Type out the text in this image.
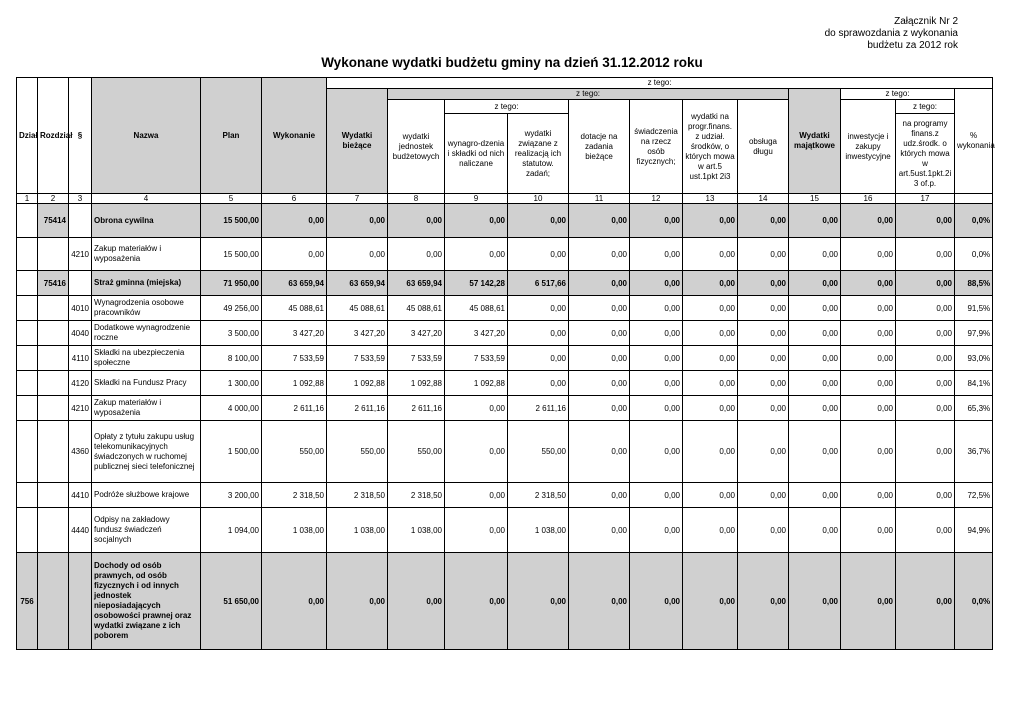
Załącznik Nr 2
do sprawozdania z wykonania
budżetu za 2012 rok
Wykonane wydatki budżetu gminy na dzień 31.12.2012 roku
Dział	Rozdział	§	Nazwa	Plan	Wykonanie	z tego:											
						Wydatki bieżące	z tego:							Wydatki majątkowe	z tego:		% wykonania
							wydatki jednostek budżetowych	z tego:		dotacje na zadania bieżące	świadczenia na rzecz osób fizycznych;	wydatki na progr.finans. z udział. środków, o których mowa w art.5 ust.1pkt 2i3	obsługa długu		inwestycje i zakupy inwestycyjne	z tego:	
								wynagro-dzenia i składki od nich naliczane	wydatki związane z realizacją ich statutow. zadań;							na programy finans.z udz.środk. o których mowa w art.5ust.1pkt.2i 3 of.p.	
1	2	3	4	5	6	7	8	9	10	11	12	13	14	15	16	17	
	75414		Obrona cywilna	15 500,00	0,00	0,00	0,00	0,00	0,00	0,00	0,00	0,00	0,00	0,00	0,00	0,00	0,0%
		4210	Zakup materiałów i wyposażenia	15 500,00	0,00	0,00	0,00	0,00	0,00	0,00	0,00	0,00	0,00	0,00	0,00	0,00	0,0%
	75416		Straż gminna (miejska)	71 950,00	63 659,94	63 659,94	63 659,94	57 142,28	6 517,66	0,00	0,00	0,00	0,00	0,00	0,00	0,00	88,5%
		4010	Wynagrodzenia osobowe pracowników	49 256,00	45 088,61	45 088,61	45 088,61	45 088,61	0,00	0,00	0,00	0,00	0,00	0,00	0,00	0,00	91,5%
		4040	Dodatkowe wynagrodzenie roczne	3 500,00	3 427,20	3 427,20	3 427,20	3 427,20	0,00	0,00	0,00	0,00	0,00	0,00	0,00	0,00	97,9%
		4110	Składki na ubezpieczenia społeczne	8 100,00	7 533,59	7 533,59	7 533,59	7 533,59	0,00	0,00	0,00	0,00	0,00	0,00	0,00	0,00	93,0%
		4120	Składki na Fundusz Pracy	1 300,00	1 092,88	1 092,88	1 092,88	1 092,88	0,00	0,00	0,00	0,00	0,00	0,00	0,00	0,00	84,1%
		4210	Zakup materiałów i wyposażenia	4 000,00	2 611,16	2 611,16	2 611,16	0,00	2 611,16	0,00	0,00	0,00	0,00	0,00	0,00	0,00	65,3%
		4360	Opłaty z tytułu zakupu usług telekomunikacyjnych świadczonych w ruchomej publicznej sieci telefonicznej	1 500,00	550,00	550,00	550,00	0,00	550,00	0,00	0,00	0,00	0,00	0,00	0,00	0,00	36,7%
		4410	Podróże służbowe krajowe	3 200,00	2 318,50	2 318,50	2 318,50	0,00	2 318,50	0,00	0,00	0,00	0,00	0,00	0,00	0,00	72,5%
		4440	Odpisy na zakładowy fundusz świadczeń socjalnych	1 094,00	1 038,00	1 038,00	1 038,00	0,00	1 038,00	0,00	0,00	0,00	0,00	0,00	0,00	0,00	94,9%
756			Dochody od osób prawnych, od osób fizycznych i od innych jednostek nieposiadających osobowości prawnej oraz wydatki związane z ich poborem	51 650,00	0,00	0,00	0,00	0,00	0,00	0,00	0,00	0,00	0,00	0,00	0,00	0,00	0,0%
